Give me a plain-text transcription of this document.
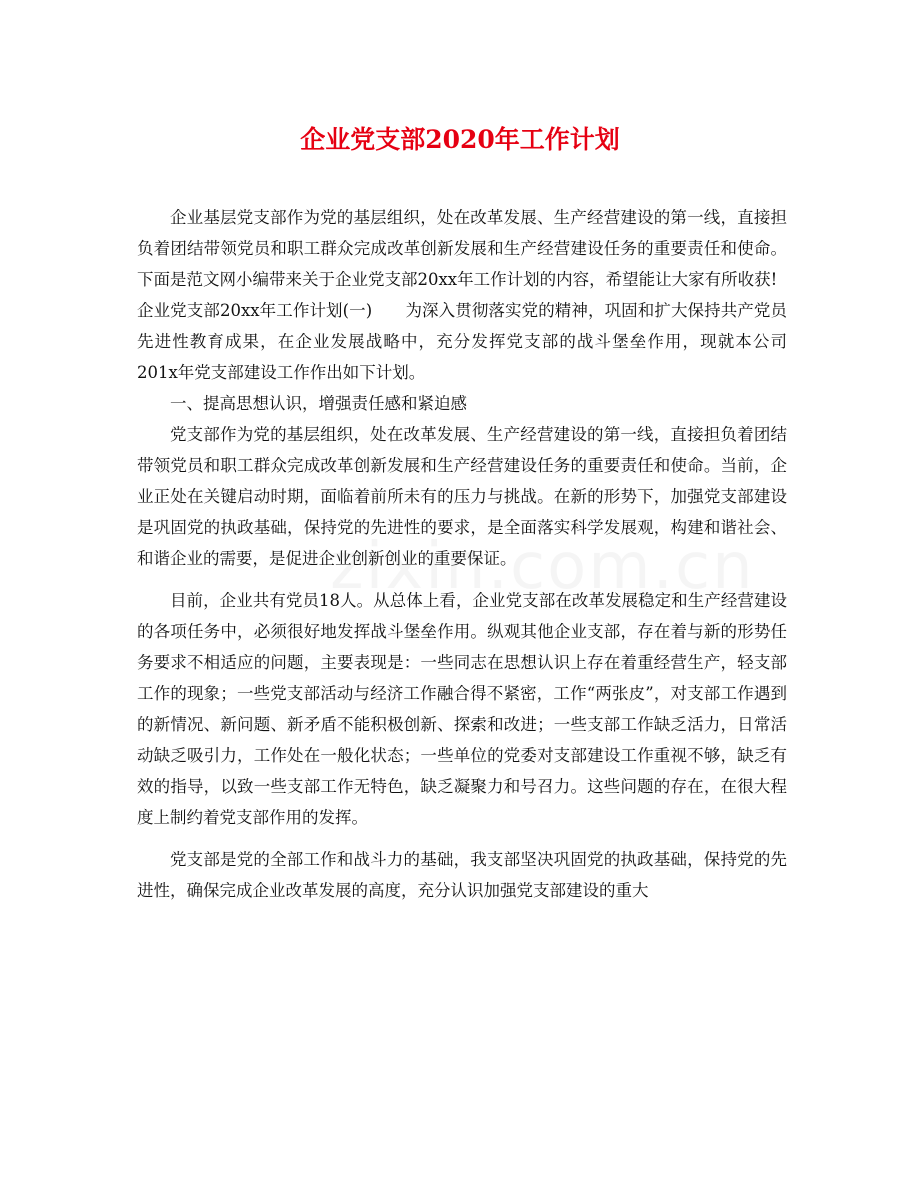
企业党支部2020年工作计划

企业基层党支部作为党的基层组织，处在改革发展、生产经营建设的第一线，直接担负着团结带领党员和职工群众完成改革创新发展和生产经营建设任务的重要责任和使命。下面是范文网小编带来关于企业党支部20xx年工作计划的内容，希望能让大家有所收获!

企业党支部20xx年工作计划(一)　　为深入贯彻落实党的精神，巩固和扩大保持共产党员先进性教育成果，在企业发展战略中，充分发挥党支部的战斗堡垒作用，现就本公司201x年党支部建设工作作出如下计划。

一、提高思想认识，增强责任感和紧迫感

党支部作为党的基层组织，处在改革发展、生产经营建设的第一线，直接担负着团结带领党员和职工群众完成改革创新发展和生产经营建设任务的重要责任和使命。当前，企业正处在关键启动时期，面临着前所未有的压力与挑战。在新的形势下，加强党支部建设是巩固党的执政基础，保持党的先进性的要求，是全面落实科学发展观，构建和谐社会、和谐企业的需要，是促进企业创新创业的重要保证。

目前，企业共有党员18人。从总体上看，企业党支部在改革发展稳定和生产经营建设的各项任务中，必须很好地发挥战斗堡垒作用。纵观其他企业支部，存在着与新的形势任务要求不相适应的问题，主要表现是：一些同志在思想认识上存在着重经营生产，轻支部工作的现象；一些党支部活动与经济工作融合得不紧密，工作“两张皮”，对支部工作遇到的新情况、新问题、新矛盾不能积极创新、探索和改进；一些支部工作缺乏活力，日常活动缺乏吸引力，工作处在一般化状态；一些单位的党委对支部建设工作重视不够，缺乏有效的指导，以致一些支部工作无特色，缺乏凝聚力和号召力。这些问题的存在，在很大程度上制约着党支部作用的发挥。

党支部是党的全部工作和战斗力的基础，我支部坚决巩固党的执政基础，保持党的先进性，确保完成企业改革发展的高度，充分认识加强党支部建设的重大
